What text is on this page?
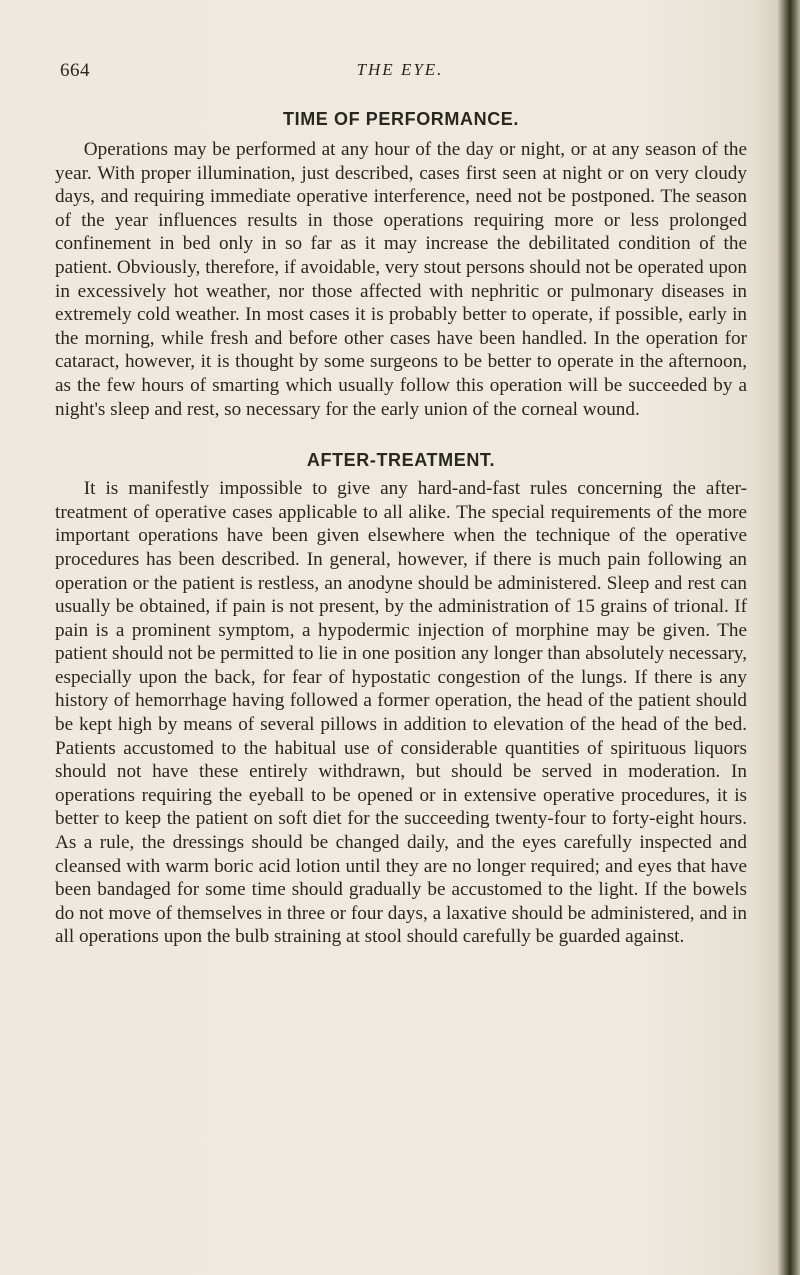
664	THE EYE.
TIME OF PERFORMANCE.

Operations may be performed at any hour of the day or night, or at any season of the year. With proper illumination, just described, cases first seen at night or on very cloudy days, and requiring immediate operative interference, need not be postponed. The season of the year influences results in those operations requiring more or less prolonged confinement in bed only in so far as it may increase the debilitated condition of the patient. Obviously, therefore, if avoidable, very stout persons should not be operated upon in excessively hot weather, nor those affected with nephritic or pulmonary diseases in extremely cold weather. In most cases it is probably better to operate, if possible, early in the morning, while fresh and before other cases have been handled. In the operation for cataract, however, it is thought by some surgeons to be better to operate in the afternoon, as the few hours of smarting which usually follow this operation will be succeeded by a night's sleep and rest, so necessary for the early union of the corneal wound.

AFTER-TREATMENT.

It is manifestly impossible to give any hard-and-fast rules concerning the after-treatment of operative cases applicable to all alike. The special requirements of the more important operations have been given elsewhere when the technique of the operative procedures has been described. In general, however, if there is much pain following an operation or the patient is restless, an anodyne should be administered. Sleep and rest can usually be obtained, if pain is not present, by the administration of 15 grains of trional. If pain is a prominent symptom, a hypodermic injection of morphine may be given. The patient should not be permitted to lie in one position any longer than absolutely necessary, especially upon the back, for fear of hypostatic congestion of the lungs. If there is any history of hemorrhage having followed a former operation, the head of the patient should be kept high by means of several pillows in addition to elevation of the head of the bed. Patients accustomed to the habitual use of considerable quantities of spirituous liquors should not have these entirely withdrawn, but should be served in moderation. In operations requiring the eyeball to be opened or in extensive operative procedures, it is better to keep the patient on soft diet for the succeeding twenty-four to forty-eight hours. As a rule, the dressings should be changed daily, and the eyes carefully inspected and cleansed with warm boric acid lotion until they are no longer required; and eyes that have been bandaged for some time should gradually be accustomed to the light. If the bowels do not move of themselves in three or four days, a laxative should be administered, and in all operations upon the bulb straining at stool should carefully be guarded against.
